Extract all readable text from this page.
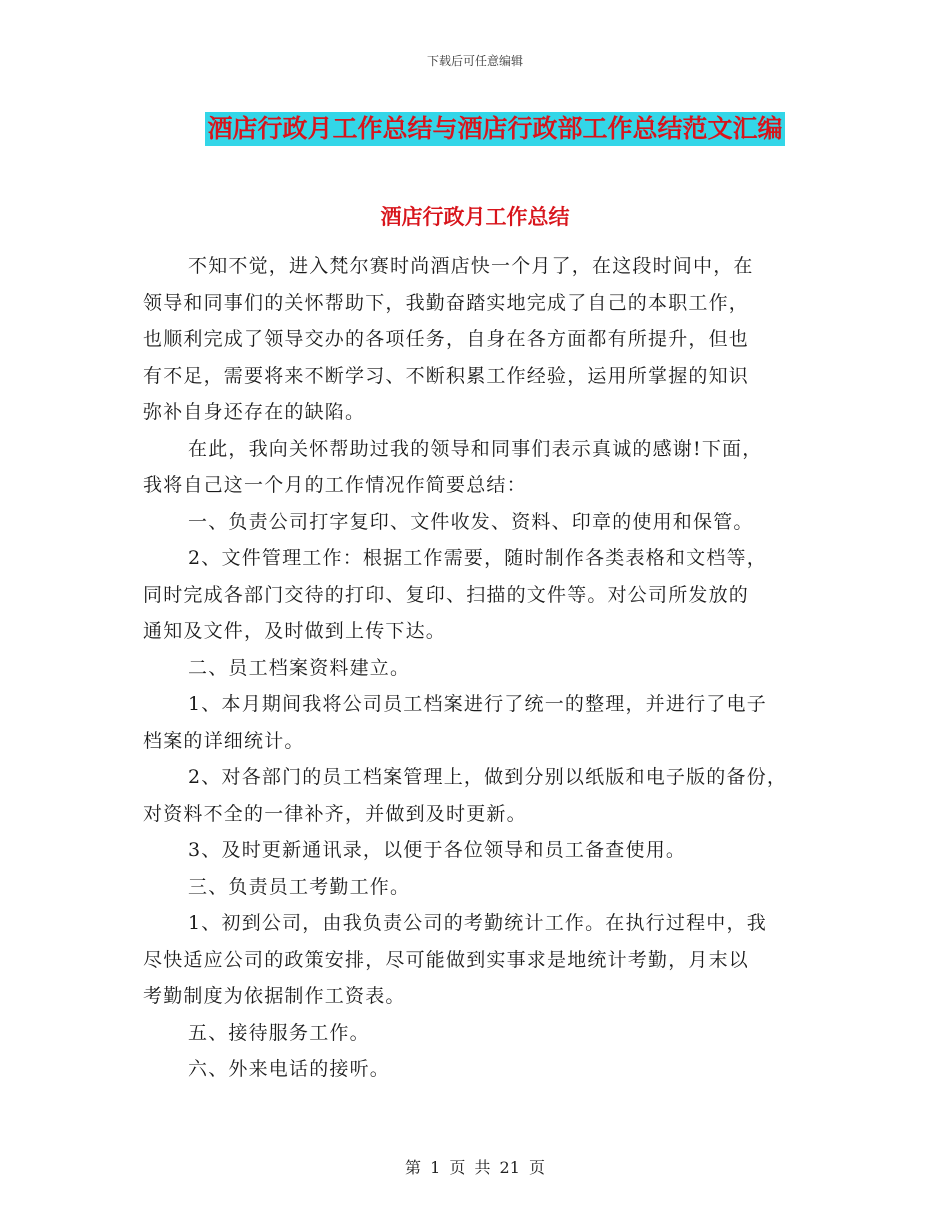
下载后可任意编辑
酒店行政月工作总结与酒店行政部工作总结范文汇编
酒店行政月工作总结
不知不觉，进入梵尔赛时尚酒店快一个月了，在这段时间中，在
领导和同事们的关怀帮助下，我勤奋踏实地完成了自己的本职工作，
也顺利完成了领导交办的各项任务，自身在各方面都有所提升，但也
有不足，需要将来不断学习、不断积累工作经验，运用所掌握的知识
弥补自身还存在的缺陷。
在此，我向关怀帮助过我的领导和同事们表示真诚的感谢!下面，
我将自己这一个月的工作情况作简要总结：
一、负责公司打字复印、文件收发、资料、印章的使用和保管。
2、文件管理工作：根据工作需要，随时制作各类表格和文档等，
同时完成各部门交待的打印、复印、扫描的文件等。对公司所发放的
通知及文件，及时做到上传下达。
二、员工档案资料建立。
1、本月期间我将公司员工档案进行了统一的整理，并进行了电子
档案的详细统计。
2、对各部门的员工档案管理上，做到分别以纸版和电子版的备份，
对资料不全的一律补齐，并做到及时更新。
3、及时更新通讯录，以便于各位领导和员工备查使用。
三、负责员工考勤工作。
1、初到公司，由我负责公司的考勤统计工作。在执行过程中，我
尽快适应公司的政策安排，尽可能做到实事求是地统计考勤，月末以
考勤制度为依据制作工资表。
五、接待服务工作。
六、外来电话的接听。
第 1 页 共 21 页
